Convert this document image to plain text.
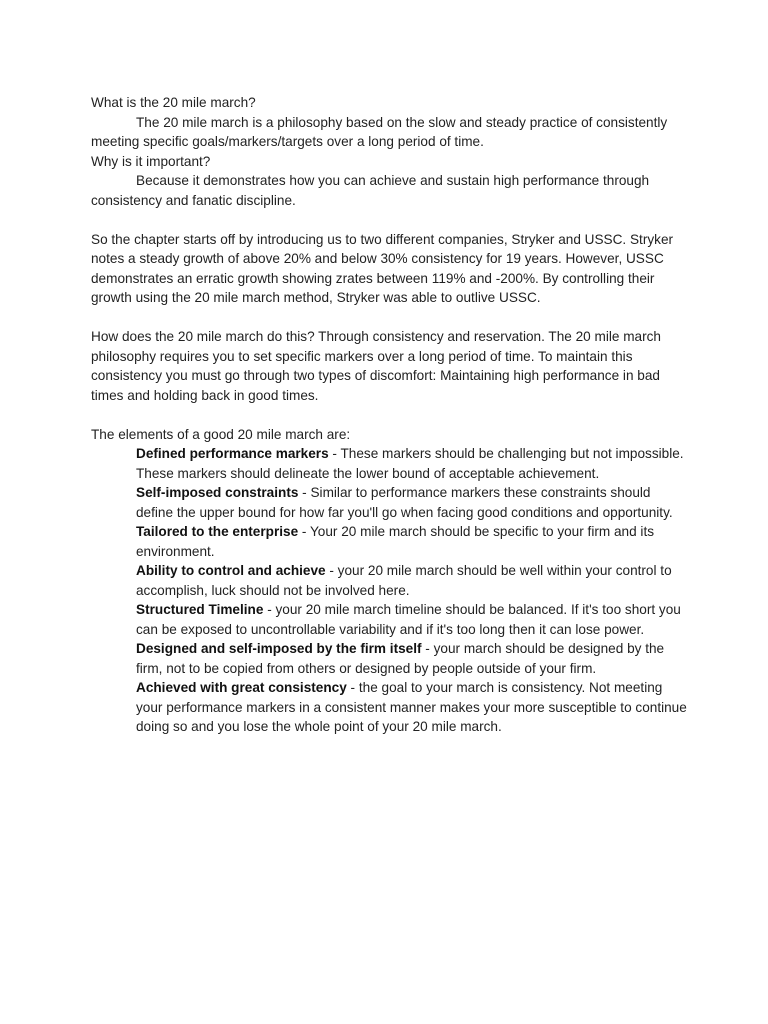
What is the 20 mile march?

The 20 mile march is a philosophy based on the slow and steady practice of consistently meeting specific goals/markers/targets over a long period of time.

Why is it important?

Because it demonstrates how you can achieve and sustain high performance through consistency and fanatic discipline.

So the chapter starts off by introducing us to two different companies, Stryker and USSC. Stryker notes a steady growth of above 20% and below 30% consistency for 19 years. However, USSC demonstrates an erratic growth showing zrates between 119% and -200%. By controlling their growth using the 20 mile march method, Stryker was able to outlive USSC.

How does the 20 mile march do this? Through consistency and reservation. The 20 mile march philosophy requires you to set specific markers over a long period of time. To maintain this consistency you must go through two types of discomfort: Maintaining high performance in bad times and holding back in good times.

The elements of a good 20 mile march are:

Defined performance markers - These markers should be challenging but not impossible. These markers should delineate the lower bound of acceptable achievement.

Self-imposed constraints - Similar to performance markers these constraints should define the upper bound for how far you'll go when facing good conditions and opportunity.

Tailored to the enterprise - Your 20 mile march should be specific to your firm and its environment.

Ability to control and achieve - your 20 mile march should be well within your control to accomplish, luck should not be involved here.

Structured Timeline - your 20 mile march timeline should be balanced. If it's too short you can be exposed to uncontrollable variability and if it's too long then it can lose power.

Designed and self-imposed by the firm itself - your march should be designed by the firm, not to be copied from others or designed by people outside of your firm.

Achieved with great consistency - the goal to your march is consistency. Not meeting your performance markers in a consistent manner makes your more susceptible to continue doing so and you lose the whole point of your 20 mile march.
